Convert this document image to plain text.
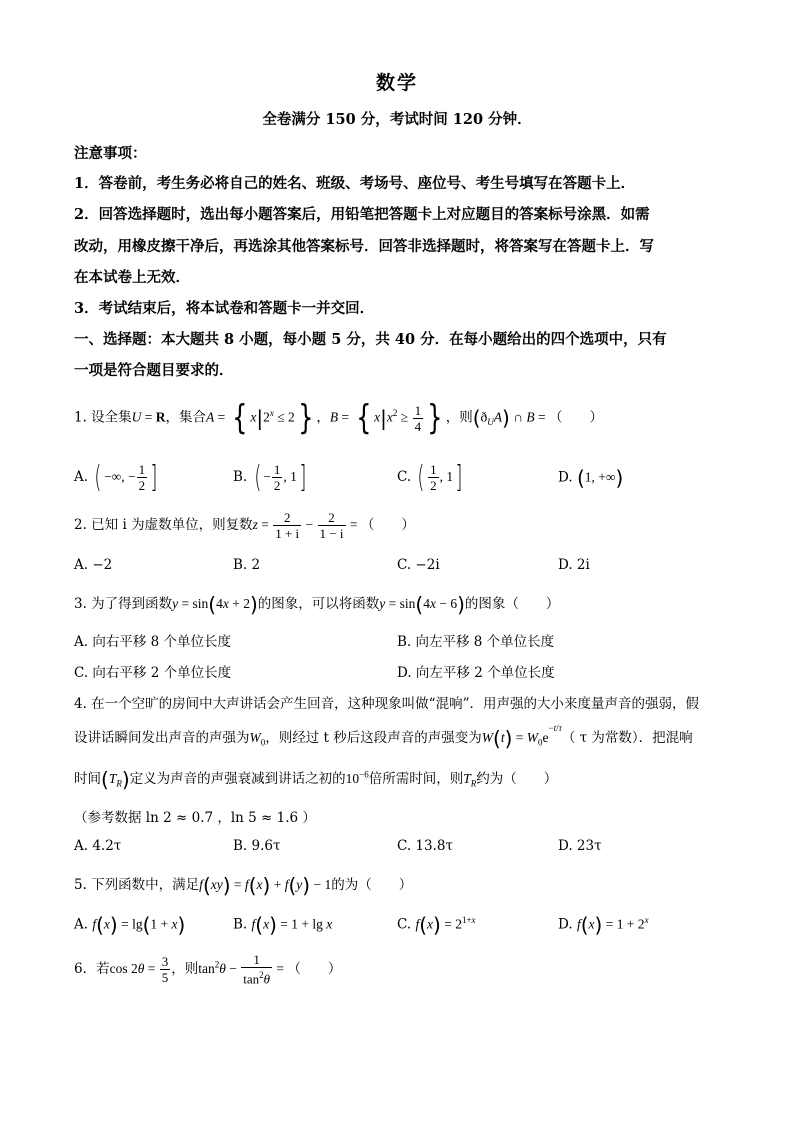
数学
全卷满分 150 分，考试时间 120 分钟．
注意事项：
1．答卷前，考生务必将自己的姓名、班级、考场号、座位号、考生号填写在答题卡上．
2．回答选择题时，选出每小题答案后，用铅笔把答题卡上对应题目的答案标号涂黑．如需
改动，用橡皮擦干净后，再选涂其他答案标号．回答非选择题时，将答案写在答题卡上．写
在本试卷上无效．
3．考试结束后，将本试卷和答题卡一并交回．
一、选择题：本大题共 8 小题，每小题 5 分，共 40 分．在每小题给出的四个选项中，只有
一项是符合题目要求的．
1. 设全集U = R，集合A = { $x|2^x \le 2$} ，B = { $x|x^2 \ge \frac{1}{4}$ } ，则$(ð_UA)$ ∩ B = （　　）
A. ( −∞, − $\frac{1}{2}$ ]	B. ( − $\frac{1}{2}$ , 1]	C. ( $\frac{1}{2}$ , 1]	D. (1, +∞)
2. 已知 i 为虚数单位，则复数$z = \frac{2}{1 + i} - \frac{2}{1 - i}$ = （　　）
A. −2	B. 2	C. −2i	D. 2i
3. 为了得到函数y = sin(4x + 2)的图象，可以将函数y = sin(4x − 6)的图象（　　）
A. 向右平移 8 个单位长度	B. 向左平移 8 个单位长度
C. 向右平移 2 个单位长度	D. 向左平移 2 个单位长度
4. 在一个空旷的房间中大声讲话会产生回音，这种现象叫做“混响”．用声强的大小来度量声音的强弱，假
设讲话瞬间发出声音的声强为$W_0$，则经过 t 秒后这段声音的声强变为$W(t) = W_0e^{-t/\tau}$（ τ 为常数）．把混响
时间$(T_R)$定义为声音的声强衰减到讲话之初的$10^{-6}$倍所需时间，则$T_R$约为（　　）
（参考数据 ln 2 ≈ 0.7 ，ln 5 ≈ 1.6 ）
A. 4.2τ	B. 9.6τ	C. 13.8τ	D. 23τ
5. 下列函数中，满足f(xy) = f(x) + f(y) − 1的为（　　）
A. f(x) = lg(1 + x)	B. f(x) = 1 + lg x	C. $f(x) = 2^{1+x}$	D. $f(x) = 1 + 2^x$
6．若$\cos 2\theta = \frac{3}{5}$ ，则$\tan^2\theta - \frac{1}{\tan^2\theta}$ = （　　）
